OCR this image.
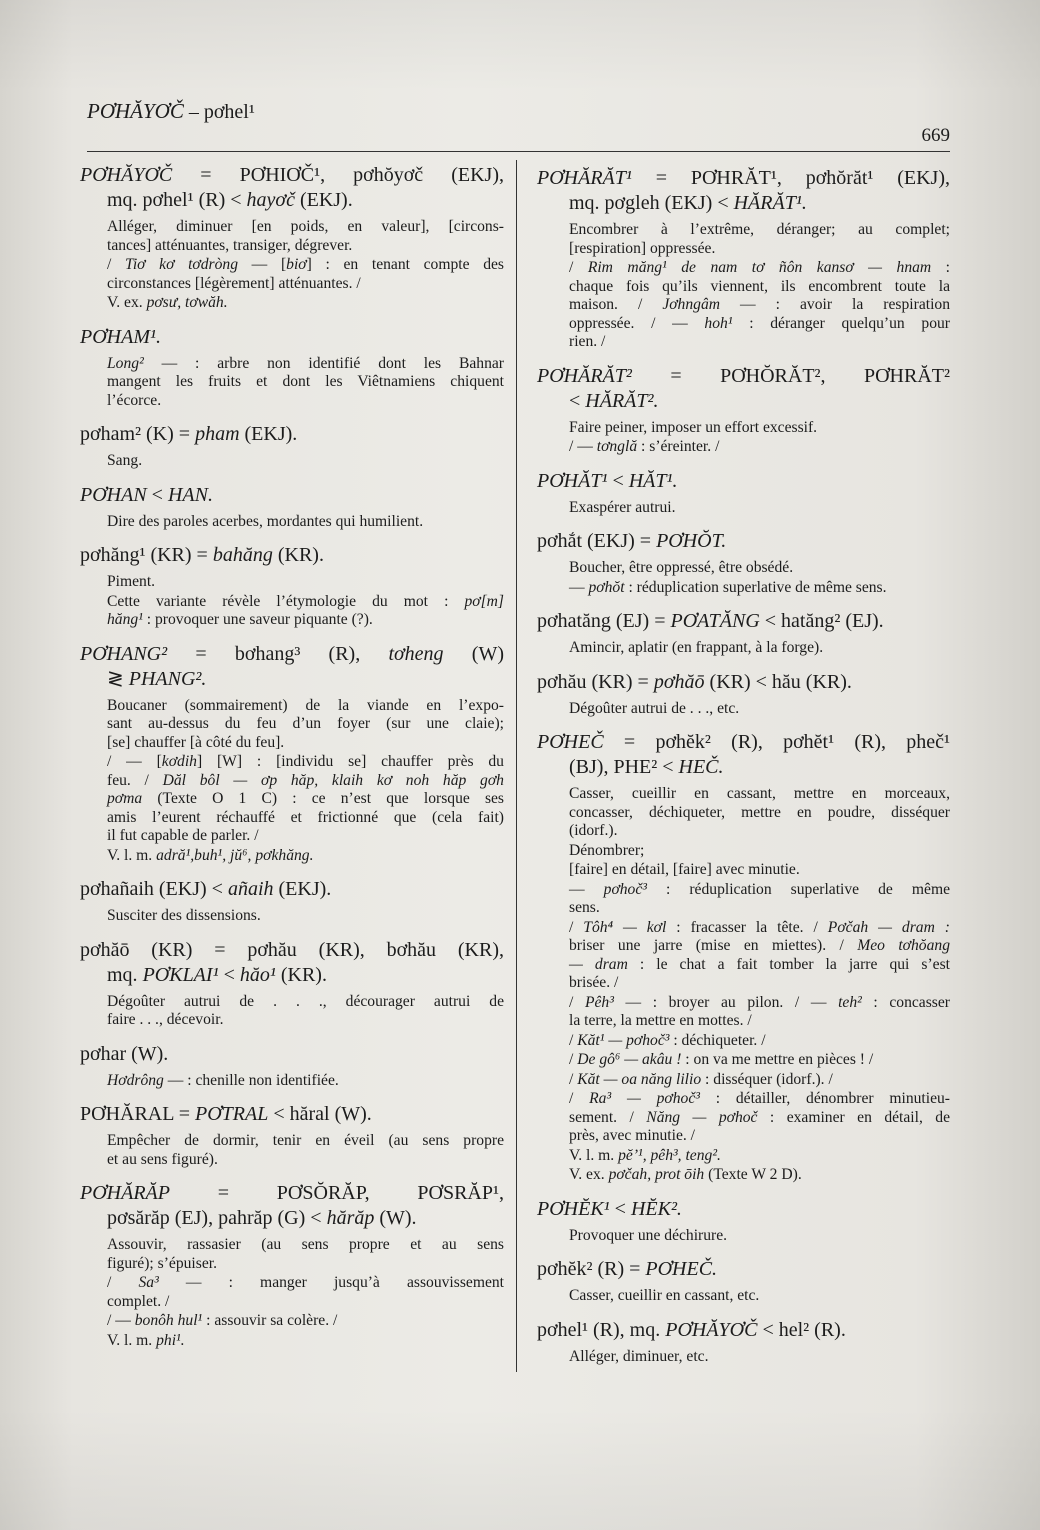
PƠHĂYƠČ – pơhel¹
669
PƠHĂYƠČ = PƠHIƠČ¹, pơhŏyơč (EKJ),
mq. pơhel¹ (R) < hayơč (EKJ).
Alléger, diminuer [en poids, en valeur], [circons-
tances] atténuantes, transiger, dégrever.
/ Tiơ kơ tơdròng — [biơ] : en tenant compte des
circonstances [légèrement] atténuantes. /
V. ex. pơsư, tơwăh.
PƠHAM¹.
Long² — : arbre non identifié dont les Bahnar
mangent les fruits et dont les Viêtnamiens chiquent
l’écorce.
pơham² (K) = pham (EKJ).
Sang.
PƠHAN < HAN.
Dire des paroles acerbes, mordantes qui humilient.
pơhăng¹ (KR) = bahăng (KR).
Piment.
Cette variante révèle l’étymologie du mot : pơ[m]
hăng¹ : provoquer une saveur piquante (?).
PƠHANG² = bơhang³ (R), tơheng (W)
≷ PHANG².
Boucaner (sommairement) de la viande en l’expo-
sant au-dessus du feu d’un foyer (sur une claie);
[se] chauffer [à côté du feu].
/ — [kơdih] [W] : [individu se] chauffer près du
feu. / Dăl bôl — ơp hăp, klaih kơ noh hăp gơh
pơma (Texte O 1 C) : ce n’est que lorsque ses
amis l’eurent réchauffé et frictionné que (cela fait)
il fut capable de parler. /
V. l. m. adră¹,buh¹, jŭ⁶, pơkhăng.
pơhañaih (EKJ) < añaih (EKJ).
Susciter des dissensions.
pơhăō (KR) = pơhău (KR), bơhău (KR),
mq. PƠKLAI¹ < hăo¹ (KR).
Dégoûter autrui de . . ., décourager autrui de
faire . . ., décevoir.
pơhar (W).
Hơdrông — : chenille non identifiée.
PƠHĂRAL = PƠTRAL < hăral (W).
Empêcher de dormir, tenir en éveil (au sens propre
et au sens figuré).
PƠHĂRĂP = PƠSŎRĂP, PƠSRĂP¹,
pơsărăp (EJ), pahrăp (G) < hărăp (W).
Assouvir, rassasier (au sens propre et au sens
figuré); s’épuiser.
/ Sa³ — : manger jusqu’à assouvissement
complet. /
/ — bonôh hul¹ : assouvir sa colère. /
V. l. m. phi¹.
PƠHĂRĂT¹ = PƠHRĂT¹, pơhŏrăt¹ (EKJ),
mq. pơgleh (EKJ) < HĂRĂT¹.
Encombrer à l’extrême, déranger; au complet;
[respiration] oppressée.
/ Rim măng¹ de nam tơ ñôn kansơ — hnam :
chaque fois qu’ils viennent, ils encombrent toute la
maison. / Jơhngâm — : avoir la respiration
oppressée. / — hoh¹ : déranger quelqu’un pour
rien. /
PƠHĂRĂT² = PƠHŎRĂT², PƠHRĂT²
< HĂRĂT².
Faire peiner, imposer un effort excessif.
/ — tơnglă : s’éreinter. /
PƠHĂT¹ < HĂT¹.
Exaspérer autrui.
pơhắt (EKJ) = PƠHŎT.
Boucher, être oppressé, être obsédé.
— pơhŏt : réduplication superlative de même sens.
pơhatăng (EJ) = PƠATĂNG < hatăng² (EJ).
Amincir, aplatir (en frappant, à la forge).
pơhău (KR) = pơhăō (KR) < hău (KR).
Dégoûter autrui de . . ., etc.
PƠHEČ = pơhĕk² (R), pơhĕt¹ (R), pheč¹
(BJ), PHE² < HEČ.
Casser, cueillir en cassant, mettre en morceaux,
concasser, déchiqueter, mettre en poudre, disséquer
(idorf.).
Dénombrer;
[faire] en détail, [faire] avec minutie.
— pơhoč³ : réduplication superlative de même
sens.
/ Tôh⁴ — kơl : fracasser la tête. / Pơčah — dram :
briser une jarre (mise en miettes). / Meo tơhŏang
— dram : le chat a fait tomber la jarre qui s’est
brisée. /
/ Pêh³ — : broyer au pilon. / — teh² : concasser
la terre, la mettre en mottes. /
/ Kăt¹ — pơhoč³ : déchiqueter. /
/ De gô⁶ — akâu ! : on va me mettre en pièces ! /
/ Kăt — oa năng lilio : disséquer (idorf.). /
/ Ra³ — pơhoč³ : détailler, dénombrer minutieu-
sement. / Năng — pơhoč : examiner en détail, de
près, avec minutie. /
V. l. m. pĕ’¹, pêh³, teng².
V. ex. pơčah, prot ōih (Texte W 2 D).
PƠHĔK¹ < HĔK².
Provoquer une déchirure.
pơhĕk² (R) = PƠHEČ.
Casser, cueillir en cassant, etc.
pơhel¹ (R), mq. PƠHĂYƠČ < hel² (R).
Alléger, diminuer, etc.
